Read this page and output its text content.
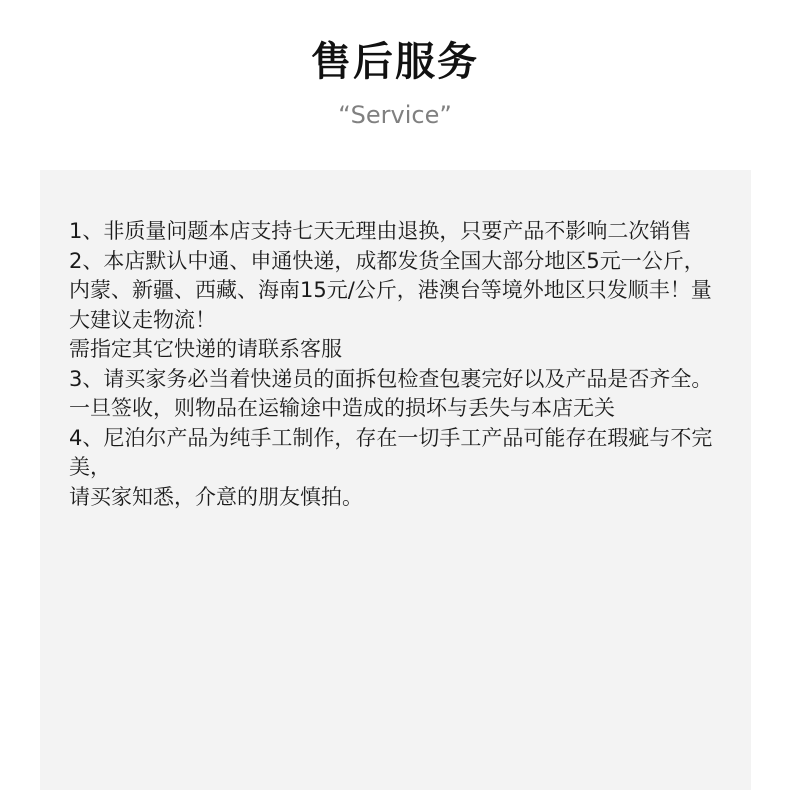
售后服务
“Service”
1、非质量问题本店支持七天无理由退换，只要产品不影响二次销售
2、本店默认中通、申通快递，成都发货全国大部分地区5元一公斤，内蒙、新疆、西藏、海南15元/公斤，港澳台等境外地区只发顺丰！量大建议走物流！
需指定其它快递的请联系客服
3、请买家务必当着快递员的面拆包检查包裹完好以及产品是否齐全。
一旦签收，则物品在运输途中造成的损坏与丢失与本店无关
4、尼泊尔产品为纯手工制作，存在一切手工产品可能存在瑕疵与不完美，
请买家知悉，介意的朋友慎拍。
